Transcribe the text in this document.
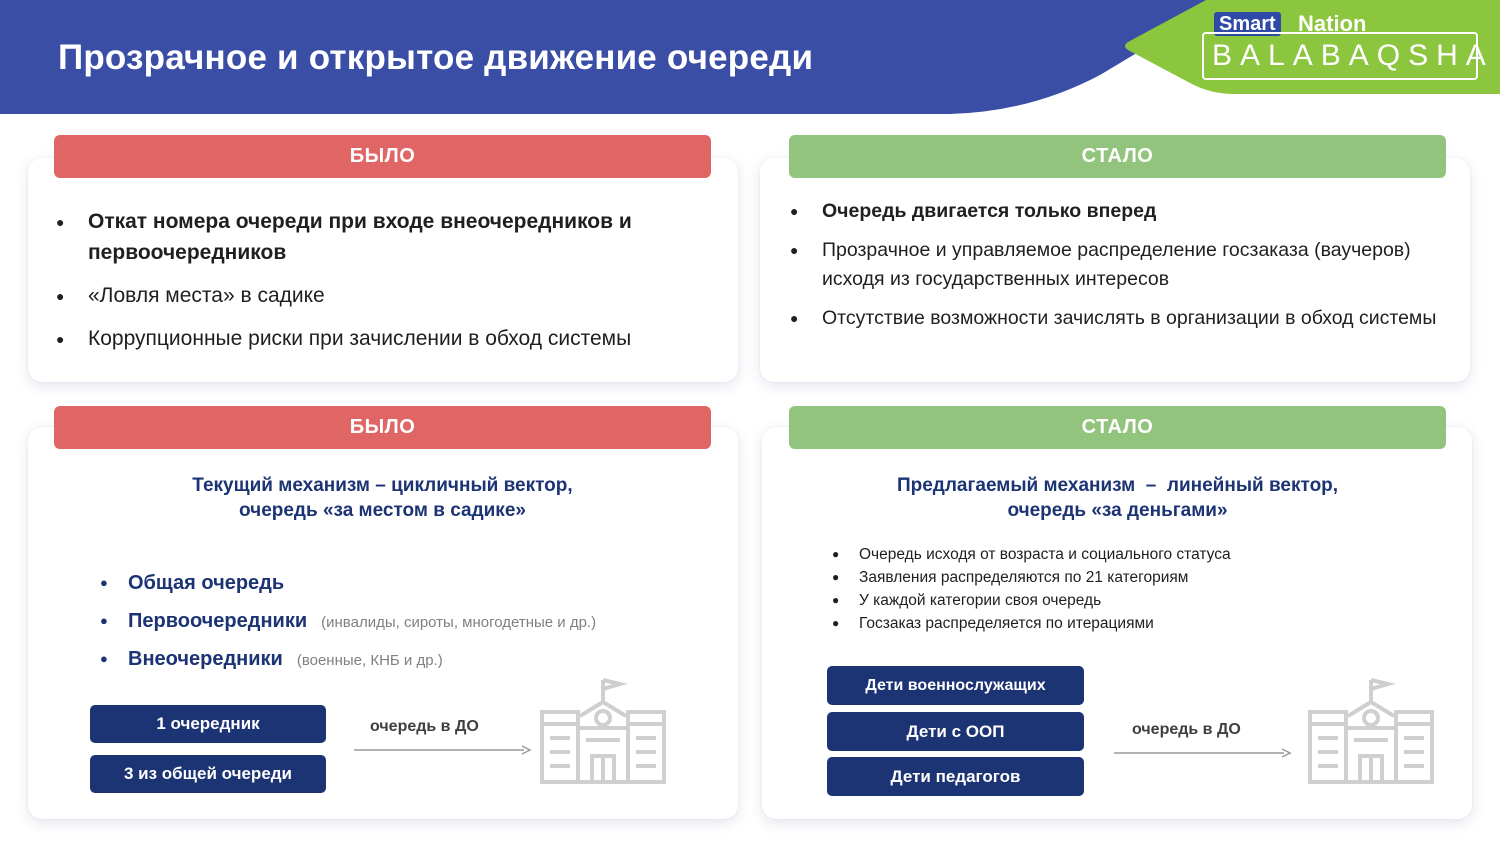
Прозрачное и открытое движение очереди
Smart Nation
BALABAQSHA
БЫЛО
● Откат номера очереди при входе внеочередников и первоочередников
● «Ловля места» в садике
● Коррупционные риски при зачислении в обход системы
СТАЛО
● Очередь двигается только вперед
● Прозрачное и управляемое распределение госзаказа (ваучеров) исходя из государственных интересов
● Отсутствие возможности зачислять в организации в обход системы
БЫЛО
Текущий механизм – цикличный вектор,
очередь «за местом в садике»
● Общая очередь
● Первоочередники (инвалиды, сироты, многодетные и др.)
● Внеочередники (военные, КНБ и др.)
1 очередник
3 из общей очереди
очередь в ДО
СТАЛО
Предлагаемый механизм  –  линейный вектор,
очередь «за деньгами»
● Очередь исходя от возраста и социального статуса
● Заявления распределяются по 21 категориям
● У каждой категории своя очередь
● Госзаказ распределяется по итерациями
Дети военнослужащих
Дети с ООП
Дети педагогов
очередь в ДО
